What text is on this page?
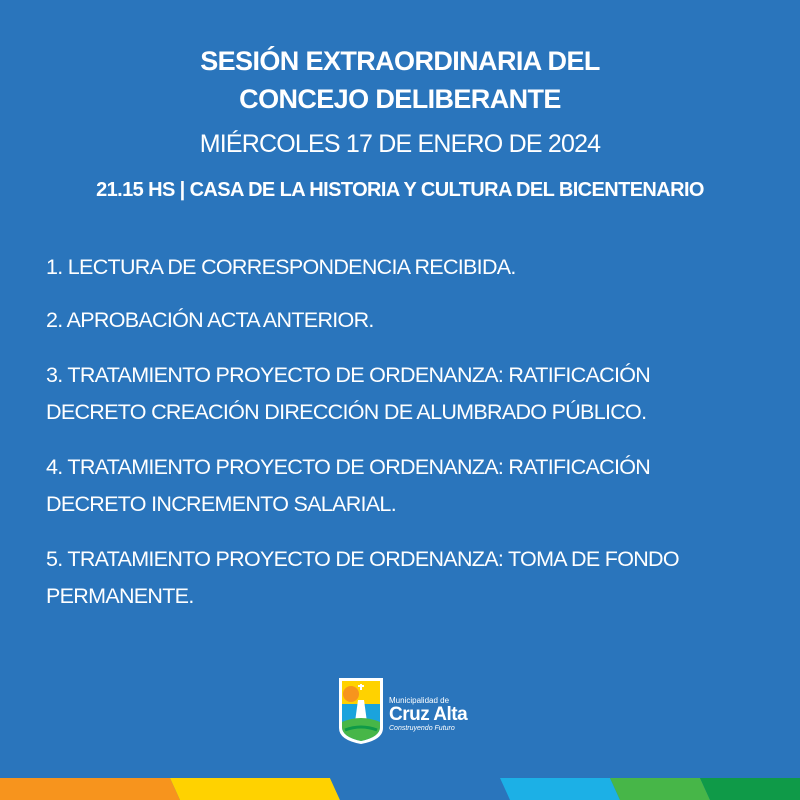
SESIÓN EXTRAORDINARIA DEL
CONCEJO DELIBERANTE
MIÉRCOLES 17 DE ENERO DE 2024
21.15 HS | CASA DE LA HISTORIA Y CULTURA DEL BICENTENARIO
1. LECTURA DE CORRESPONDENCIA RECIBIDA.
2. APROBACIÓN ACTA ANTERIOR.
3. TRATAMIENTO PROYECTO DE ORDENANZA: RATIFICACIÓN
DECRETO CREACIÓN DIRECCIÓN DE ALUMBRADO PÚBLICO.
4. TRATAMIENTO PROYECTO DE ORDENANZA: RATIFICACIÓN
DECRETO INCREMENTO SALARIAL.
5. TRATAMIENTO PROYECTO DE ORDENANZA: TOMA DE FONDO
PERMANENTE.
Municipalidad de
Cruz Alta
Construyendo Futuro
